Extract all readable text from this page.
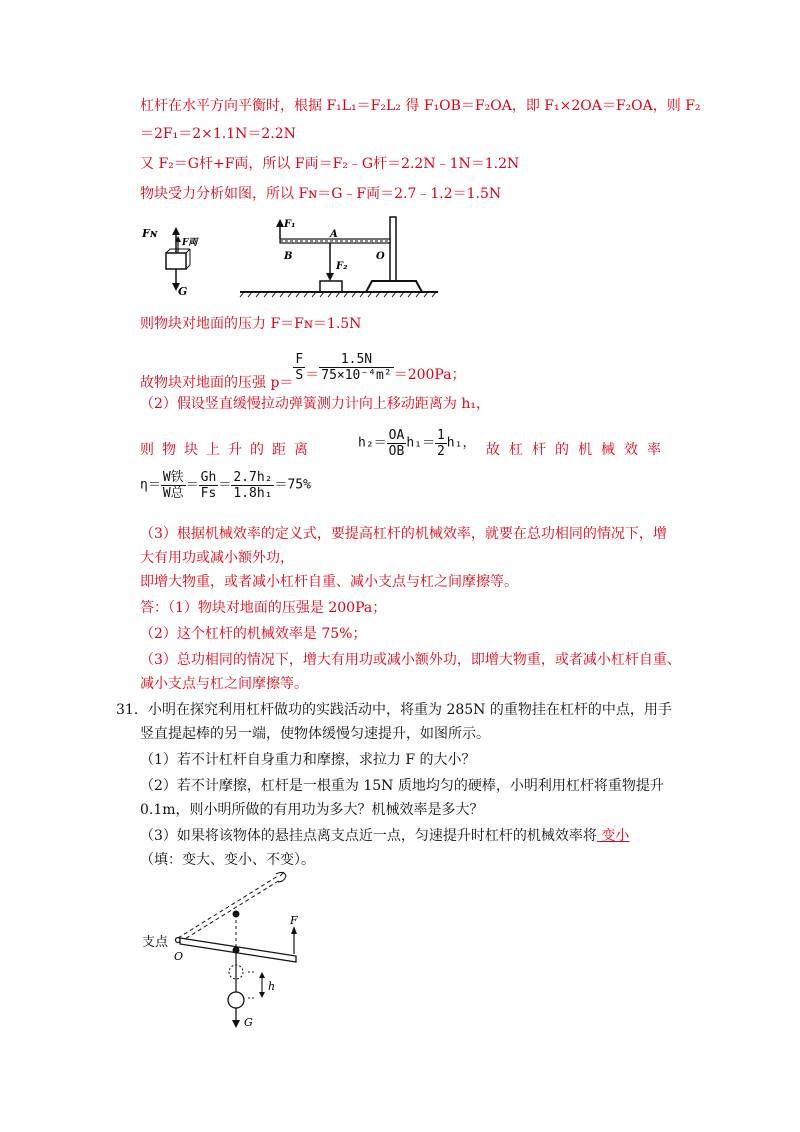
杠杆在水平方向平衡时，根据 F₁L₁＝F₂L₂ 得 F₁OB＝F₂OA，即 F₁×2OA＝F₂OA，则 F₂
＝2F₁＝2×1.1N＝2.2N
又 F₂＝G杆+F両，所以 F両＝F₂﹣G杆＝2.2N﹣1N＝1.2N
物块受力分析如图，所以 Fɴ＝G﹣F両＝2.7﹣1.2＝1.5N
Fɴ
F両
G
F₁
A
B	O
F₂
则物块对地面的压力 F＝Fɴ＝1.5N
故物块对地面的压强 p＝
$\frac{F}{S} = \frac{1.5N}{\text{75×10⁻⁴m²}} =200Pa$；
（2）假设竖直缓慢拉动弹簧测力计向上移动距离为 h₁，
则物块上升的距离	$h_2= \frac{OA}{OB} h_1= \frac{1}{2} h_1$， 故杠杆的机械效率
$\eta= \frac{\text{W铁}}{\text{W总}} = \frac{Gh}{Fs} = \frac{\text{2.7h₂}}{\text{1.8h₁}} =75\%$
（3）根据机械效率的定义式，要提高杠杆的机械效率，就要在总功相同的情况下，增
大有用功或减小额外功，
即增大物重，或者减小杠杆自重、减小支点与杠之间摩擦等。
答：（1）物块对地面的压强是 200Pa；
（2）这个杠杆的机械效率是 75%；
（3）总功相同的情况下，增大有用功或减小额外功，即增大物重，或者减小杠杆自重、
减小支点与杠之间摩擦等。
31． 小明在探究利用杠杆做功的实践活动中，将重为 285N 的重物挂在杠杆的中点，用手
竖直提起棒的另一端，使物体缓慢匀速提升，如图所示。
（1）若不计杠杆自身重力和摩擦，求拉力 F 的大小？
（2）若不计摩擦，杠杆是一根重为 15N 质地均匀的硬棒，小明利用杠杆将重物提升
0.1m，则小明所做的有用功为多大？机械效率是多大？
（3）如果将该物体的悬挂点离支点近一点，匀速提升时杠杆的机械效率将 变小
（填：变大、变小、不变）。
支点
O
F
G
h
